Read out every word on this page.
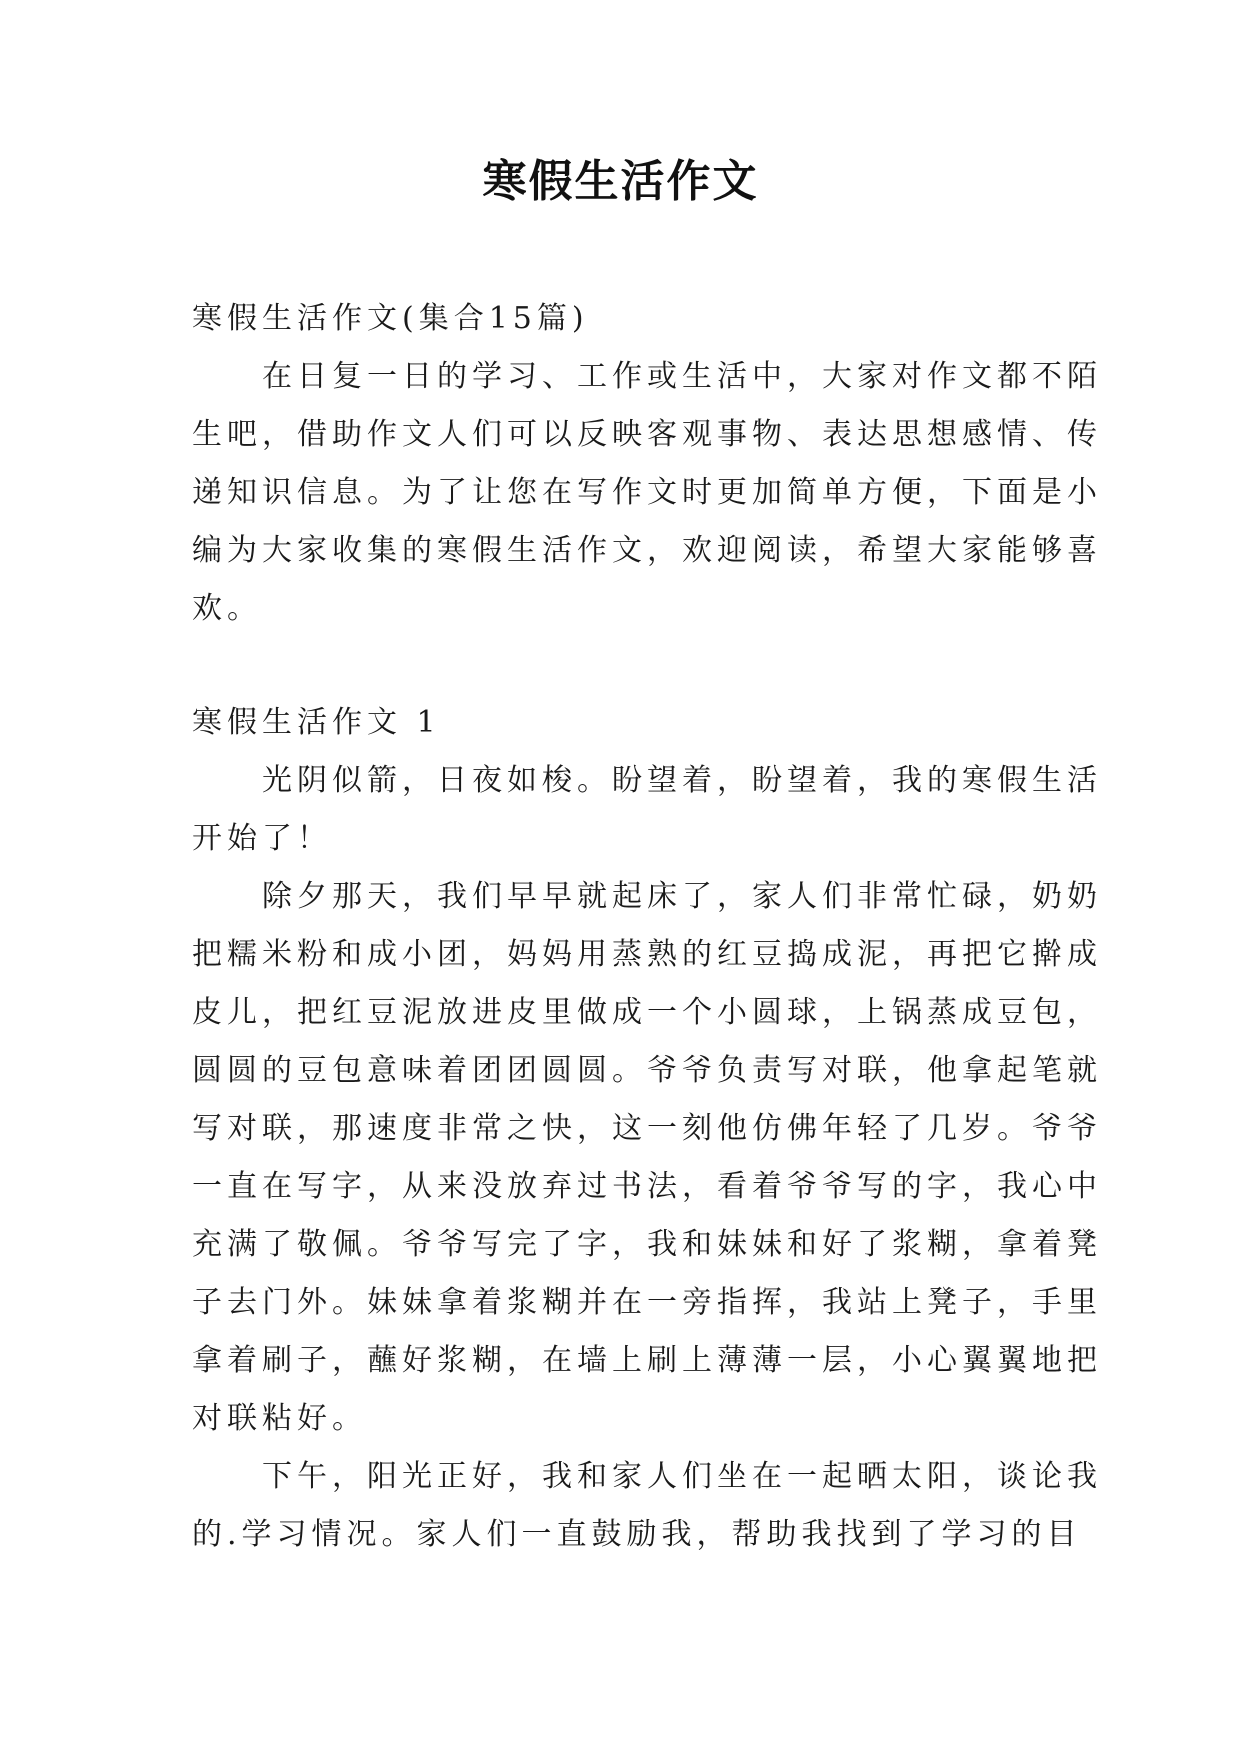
寒假生活作文
寒假生活作文(集合15篇)
　　在日复一日的学习、工作或生活中，大家对作文都不陌
生吧，借助作文人们可以反映客观事物、表达思想感情、传
递知识信息。为了让您在写作文时更加简单方便，下面是小
编为大家收集的寒假生活作文，欢迎阅读，希望大家能够喜
欢。
寒假生活作文 1
　　光阴似箭，日夜如梭。盼望着，盼望着，我的寒假生活
开始了！
　　除夕那天，我们早早就起床了，家人们非常忙碌，奶奶
把糯米粉和成小团，妈妈用蒸熟的红豆捣成泥，再把它擀成
皮儿，把红豆泥放进皮里做成一个小圆球，上锅蒸成豆包，
圆圆的豆包意味着团团圆圆。爷爷负责写对联，他拿起笔就
写对联，那速度非常之快，这一刻他仿佛年轻了几岁。爷爷
一直在写字，从来没放弃过书法，看着爷爷写的字，我心中
充满了敬佩。爷爷写完了字，我和妹妹和好了浆糊，拿着凳
子去门外。妹妹拿着浆糊并在一旁指挥，我站上凳子，手里
拿着刷子，蘸好浆糊，在墙上刷上薄薄一层，小心翼翼地把
对联粘好。
　　下午，阳光正好，我和家人们坐在一起晒太阳，谈论我
的.学习情况。家人们一直鼓励我，帮助我找到了学习的目
